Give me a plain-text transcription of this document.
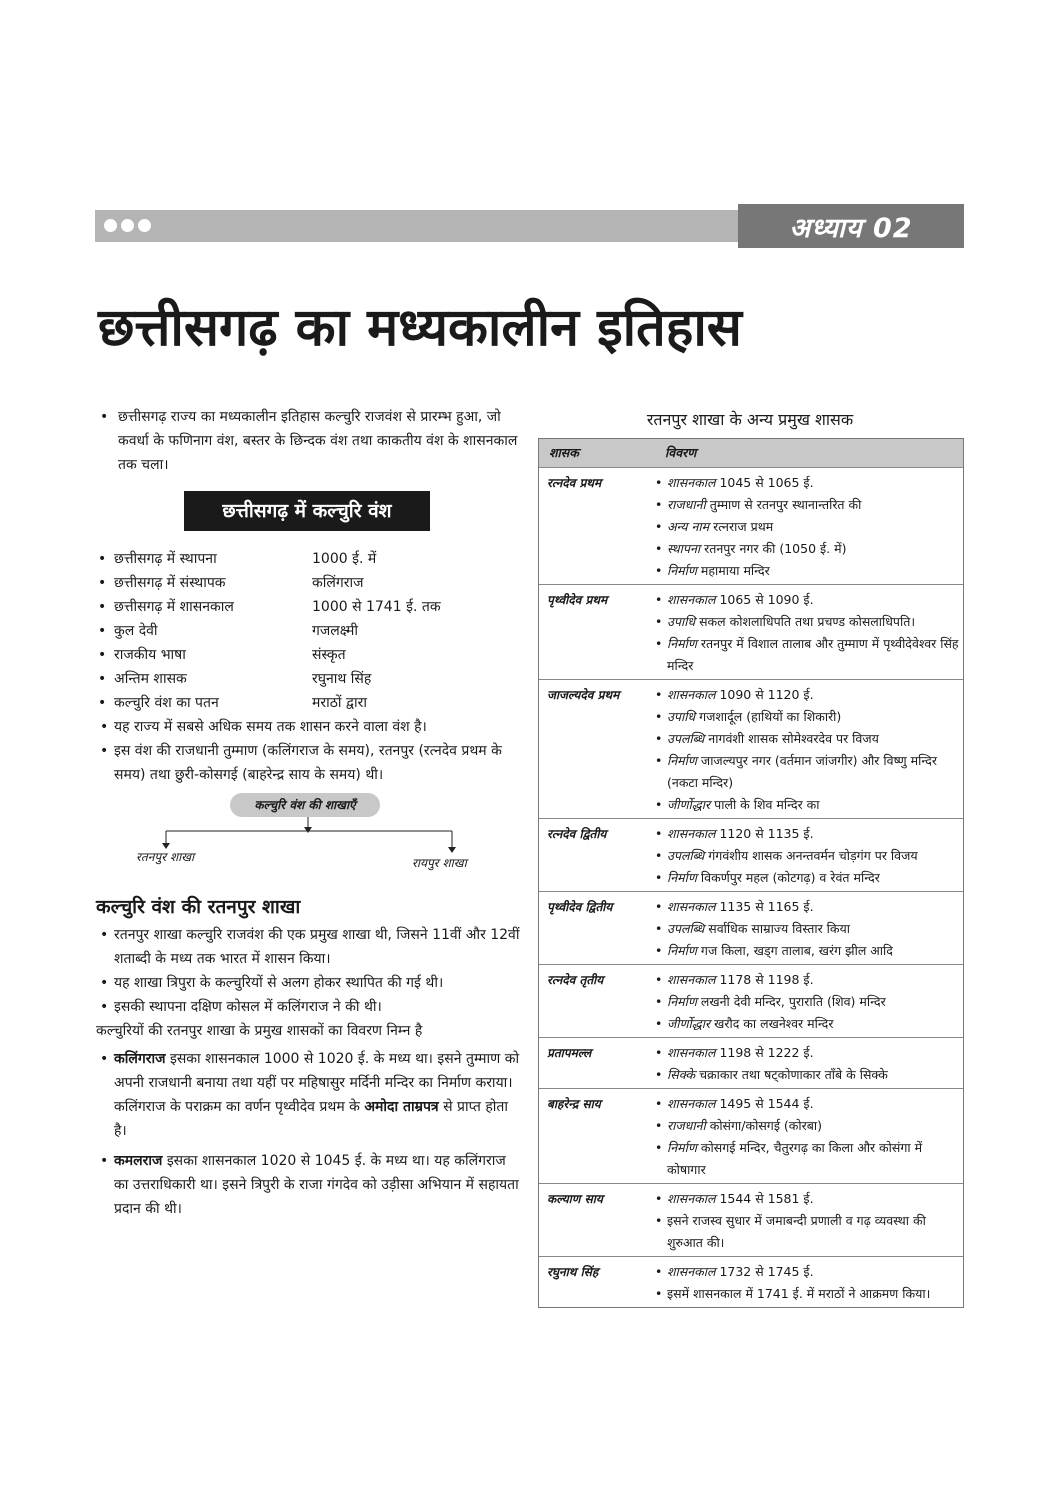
अध्याय 02
छत्तीसगढ़ का मध्यकालीन इतिहास

• छत्तीसगढ़ राज्य का मध्यकालीन इतिहास कल्चुरि राजवंश से प्रारम्भ हुआ, जो कवर्धा के फणिनाग वंश, बस्तर के छिन्दक वंश तथा काकतीय वंश के शासनकाल तक चला।

छत्तीसगढ़ में कल्चुरि वंश
• छत्तीसगढ़ में स्थापना	1000 ई. में
• छत्तीसगढ़ में संस्थापक	कलिंगराज
• छत्तीसगढ़ में शासनकाल	1000 से 1741 ई. तक
• कुल देवी	गजलक्ष्मी
• राजकीय भाषा	संस्कृत
• अन्तिम शासक	रघुनाथ सिंह
• कल्चुरि वंश का पतन	मराठों द्वारा

• यह राज्य में सबसे अधिक समय तक शासन करने वाला वंश है।

• इस वंश की राजधानी तुम्माण (कलिंगराज के समय), रतनपुर (रत्नदेव प्रथम के समय) तथा छुरी-कोसगई (बाहरेन्द्र साय के समय) थी।

कल्चुरि वंश की शाखाएँ
रतनपुर शाखा	रायपुर शाखा
कल्चुरि वंश की रतनपुर शाखा

• रतनपुर शाखा कल्चुरि राजवंश की एक प्रमुख शाखा थी, जिसने 11वीं और 12वीं शताब्दी के मध्य तक भारत में शासन किया।

• यह शाखा त्रिपुरा के कल्चुरियों से अलग होकर स्थापित की गई थी।

• इसकी स्थापना दक्षिण कोसल में कलिंगराज ने की थी।

कल्चुरियों की रतनपुर शाखा के प्रमुख शासकों का विवरण निम्न है

• कलिंगराज इसका शासनकाल 1000 से 1020 ई. के मध्य था। इसने तुम्माण को अपनी राजधानी बनाया तथा यहीं पर महिषासुर मर्दिनी मन्दिर का निर्माण कराया। कलिंगराज के पराक्रम का वर्णन पृथ्वीदेव प्रथम के अमोदा ताम्रपत्र से प्राप्त होता है।

• कमलराज इसका शासनकाल 1020 से 1045 ई. के मध्य था। यह कलिंगराज का उत्तराधिकारी था। इसने त्रिपुरी के राजा गंगदेव को उड़ीसा अभियान में सहायता प्रदान की थी।

रतनपुर शाखा के अन्य प्रमुख शासक
शासक	विवरण
रत्नदेव प्रथम	• शासनकाल 1045 से 1065 ई.
• राजधानी तुम्माण से रतनपुर स्थानान्तरित की
• अन्य नाम रत्नराज प्रथम
• स्थापना रतनपुर नगर की (1050 ई. में)
• निर्माण महामाया मन्दिर
पृथ्वीदेव प्रथम	• शासनकाल 1065 से 1090 ई.
• उपाधि सकल कोशलाधिपति तथा प्रचण्ड कोसलाधिपति।
• निर्माण रतनपुर में विशाल तालाब और तुम्माण में पृथ्वीदेवेश्वर सिंह मन्दिर
जाजल्यदेव प्रथम	• शासनकाल 1090 से 1120 ई.
• उपाधि गजशार्दूल (हाथियों का शिकारी)
• उपलब्धि नागवंशी शासक सोमेश्वरदेव पर विजय
• निर्माण जाजल्यपुर नगर (वर्तमान जांजगीर) और विष्णु मन्दिर (नकटा मन्दिर)
• जीर्णोद्धार पाली के शिव मन्दिर का
रत्नदेव द्वितीय	• शासनकाल 1120 से 1135 ई.
• उपलब्धि गंगवंशीय शासक अनन्तवर्मन चोड़गंग पर विजय
• निर्माण विकर्णपुर महल (कोटगढ़) व रेवंत मन्दिर
पृथ्वीदेव द्वितीय	• शासनकाल 1135 से 1165 ई.
• उपलब्धि सर्वाधिक साम्राज्य विस्तार किया
• निर्माण गज किला, खड्ग तालाब, खरंग झील आदि
रत्नदेव तृतीय	• शासनकाल 1178 से 1198 ई.
• निर्माण लखनी देवी मन्दिर, पुराराति (शिव) मन्दिर
• जीर्णोद्धार खरौद का लखनेश्वर मन्दिर
प्रतापमल्ल	• शासनकाल 1198 से 1222 ई.
• सिक्के चक्राकार तथा षट्कोणाकार ताँबे के सिक्के
बाहरेन्द्र साय	• शासनकाल 1495 से 1544 ई.
• राजधानी कोसंगा/कोसगई (कोरबा)
• निर्माण कोसगई मन्दिर, चैतुरगढ़ का किला और कोसंगा में कोषागार
कल्याण साय	• शासनकाल 1544 से 1581 ई.
• इसने राजस्व सुधार में जमाबन्दी प्रणाली व गढ़ व्यवस्था की शुरुआत की।
रघुनाथ सिंह	• शासनकाल 1732 से 1745 ई.
• इसमें शासनकाल में 1741 ई. में मराठों ने आक्रमण किया।
